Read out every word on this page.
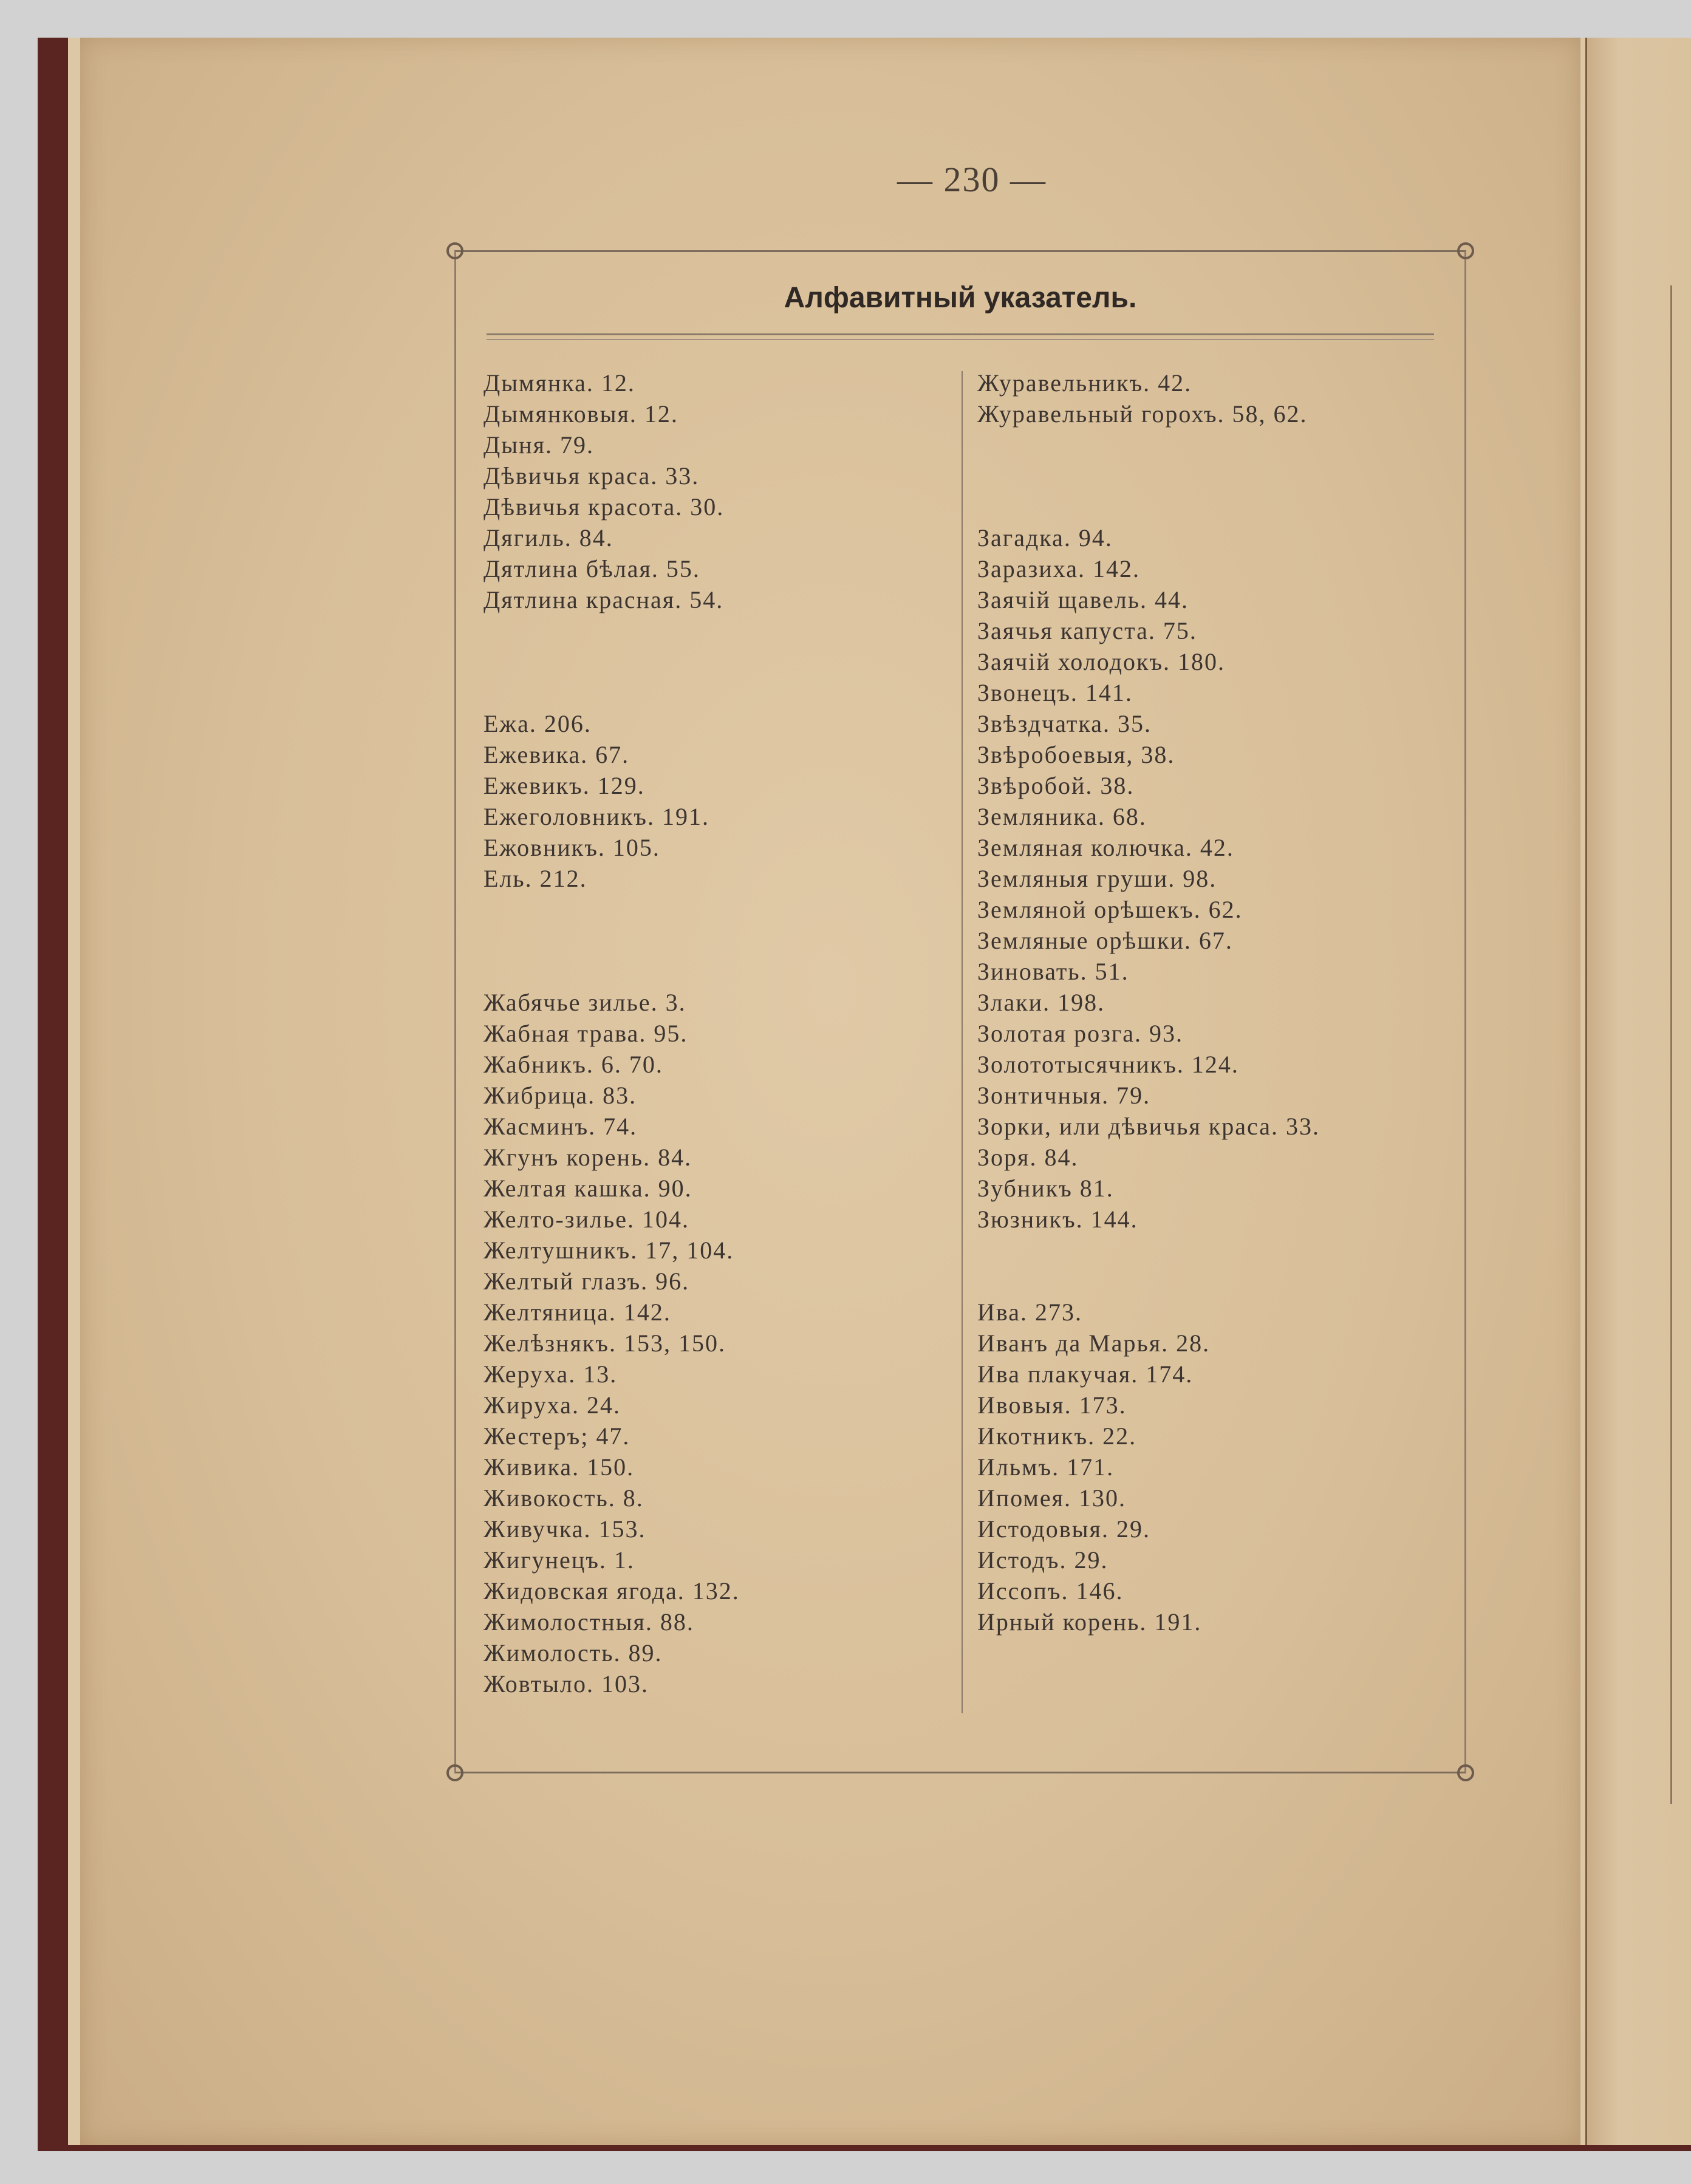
— 230 —
Алфавитный указатель.
Дымянка. 12.
Дымянковыя. 12.
Дыня. 79.
Дѣвичья краса. 33.
Дѣвичья красота. 30.
Дягиль. 84.
Дятлина бѣлая. 55.
Дятлина красная. 54.
Ежа. 206.
Ежевика. 67.
Ежевикъ. 129.
Ежеголовникъ. 191.
Ежовникъ. 105.
Ель. 212.
Жабячье зилье. 3.
Жабная трава. 95.
Жабникъ. 6. 70.
Жибрица. 83.
Жасминъ. 74.
Жгунъ корень. 84.
Желтая кашка. 90.
Желто-зилье. 104.
Желтушникъ. 17, 104.
Желтый глазъ. 96.
Желтяница. 142.
Желѣзнякъ. 153, 150.
Жеруха. 13.
Жируха. 24.
Жестеръ; 47.
Живика. 150.
Живокость. 8.
Живучка. 153.
Жигунецъ. 1.
Жидовская ягода. 132.
Жимолостныя. 88.
Жимолость. 89.
Жовтыло. 103.
Журавельникъ. 42.
Журавельный горохъ. 58, 62.
Загадка. 94.
Заразиха. 142.
Заячій щавель. 44.
Заячья капуста. 75.
Заячій холодокъ. 180.
Звонецъ. 141.
Звѣздчатка. 35.
Звѣробоевыя, 38.
Звѣробой. 38.
Земляника. 68.
Земляная колючка. 42.
Земляныя груши. 98.
Земляной орѣшекъ. 62.
Земляные орѣшки. 67.
Зиновать. 51.
Злаки. 198.
Золотая розга. 93.
Золототысячникъ. 124.
Зонтичныя. 79.
Зорки, или дѣвичья краса. 33.
Зоря. 84.
Зубникъ 81.
Зюзникъ. 144.
Ива. 273.
Иванъ да Марья. 28.
Ива плакучая. 174.
Ивовыя. 173.
Икотникъ. 22.
Ильмъ. 171.
Ипомея. 130.
Истодовыя. 29.
Истодъ. 29.
Иссопъ. 146.
Ирный корень. 191.
